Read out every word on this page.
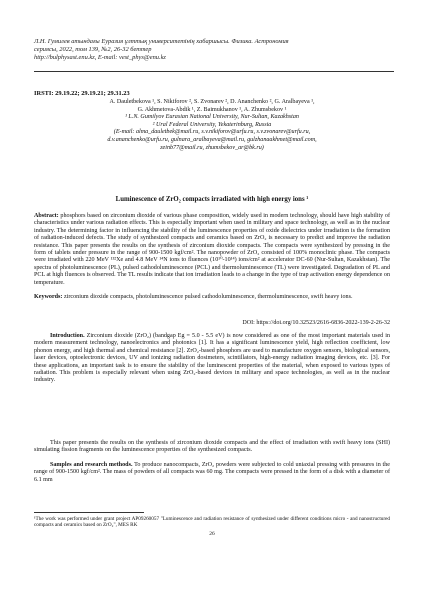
Л.Н. Гумилев атындағы Еуразия ұлттық университетінің хабаршысы. Физика. Астрономия
сериясы, 2022, том 139, №2, 26-32 беттер
http://bulphysast.enu.kz, E-mail: vest_phys@enu.kz
IRSTI: 29.19.22; 29.19.21; 29.31.23
A. Dauletbekova ¹, S. Nikiforov ², S. Zvonarev ², D. Ananchenko ², G. Aralbayeva ¹,
G. Akhmetova-Abdik ¹, Z. Baimukhanov ¹, A. Zhumsbekov ¹
¹ L.N. Gumilyov Eurasian National University, Nur-Sultan, Kazakhstan
² Ural Federal University, Yekaterinburg, Russia
(E-mail: alma_dauletbek@mail.ru, s.v.nikiforov@urfu.ru, s.v.zvonarev@urfu.ru,
d.v.ananchenko@urfu.ru, gulnara_aralbayeva@mail.ru, gulzhanaakhmet@mail.com,
zeinb77@mail.ru, zhumsbekov_ar@bk.ru)
Luminescence of ZrO₂ compacts irradiated with high energy ions ¹
Abstract: phosphors based on zirconium dioxide of various phase composition, widely used in modern technology, should have high stability of characteristics under various radiation effects. This is especially important when used in military and space technology, as well as in the nuclear industry. The determining factor in influencing the stability of the luminescence properties of oxide dielectrics under irradiation is the formation of radiation-induced defects. The study of synthesized compacts and ceramics based on ZrO₂ is necessary to predict and improve the radiation resistance. This paper presents the results on the synthesis of zirconium dioxide compacts. The compacts were synthesized by pressing in the form of tablets under pressure in the range of 900-1500 kgf/cm². The nanopowder of ZrO₂ consisted of 100% monoclinic phase. The compacts were irradiated with 220 MeV ¹³²Xe and 4.8 MeV ¹⁴N ions to fluences (10¹⁰-10¹⁴) ions/cm² at accelerator DC-60 (Nur-Sultan, Kazakhstan). The spectra of photoluminescence (PL), pulsed cathodoluminescence (PCL) and thermoluminescence (TL) were investigated. Degradation of PL and PCL at high fluences is observed. The TL results indicate that ion irradiation leads to a change in the type of trap activation energy dependence on temperature.
Keywords: zirconium dioxide compacts, photoluminescence pulsed cathodoluminescence, thermoluminescence, swift heavy ions.
DOI: https://doi.org/10.32523/2616-6836-2022-139-2-26-32
Introduction. Zirconium dioxide (ZrO₂) (bandgap Eg = 5.0 - 5.5 eV) is now considered as one of the most important materials used in modern measurement technology, nanoelectronics and photonics [1]. It has a significant luminescence yield, high reflection coefficient, low phonon energy, and high thermal and chemical resistance [2]. ZrO₂-based phosphors are used to manufacture oxygen sensors, biological sensors, laser devices, optoelectronic devices, UV and ionizing radiation dosimeters, scintillators, high-energy radiation imaging devices, etc. [3]. For these applications, an important task is to ensure the stability of the luminescent properties of the material, when exposed to various types of radiation. This problem is especially relevant when using ZrO₂-based devices in military and space technologies, as well as in the nuclear industry.
This paper presents the results on the synthesis of zirconium dioxide compacts and the effect of irradiation with swift heavy ions (SHI) simulating fission fragments on the luminescence properties of the synthesized compacts.
Samples and research methods. To produce nanocompacts, ZrO₂ powders were subjected to cold uniaxial pressing with pressures in the range of 900-1500 kgf/cm². The mass of powders of all compacts was 60 mg. The compacts were pressed in the form of a disk with a diameter of 6.1 mm
¹The work was performed under grant project AP09260057 "Luminescence and radiation resistance of synthesized under different conditions micro - and nanostructured compacts and ceramics based on ZrO₂", MES RK
26
